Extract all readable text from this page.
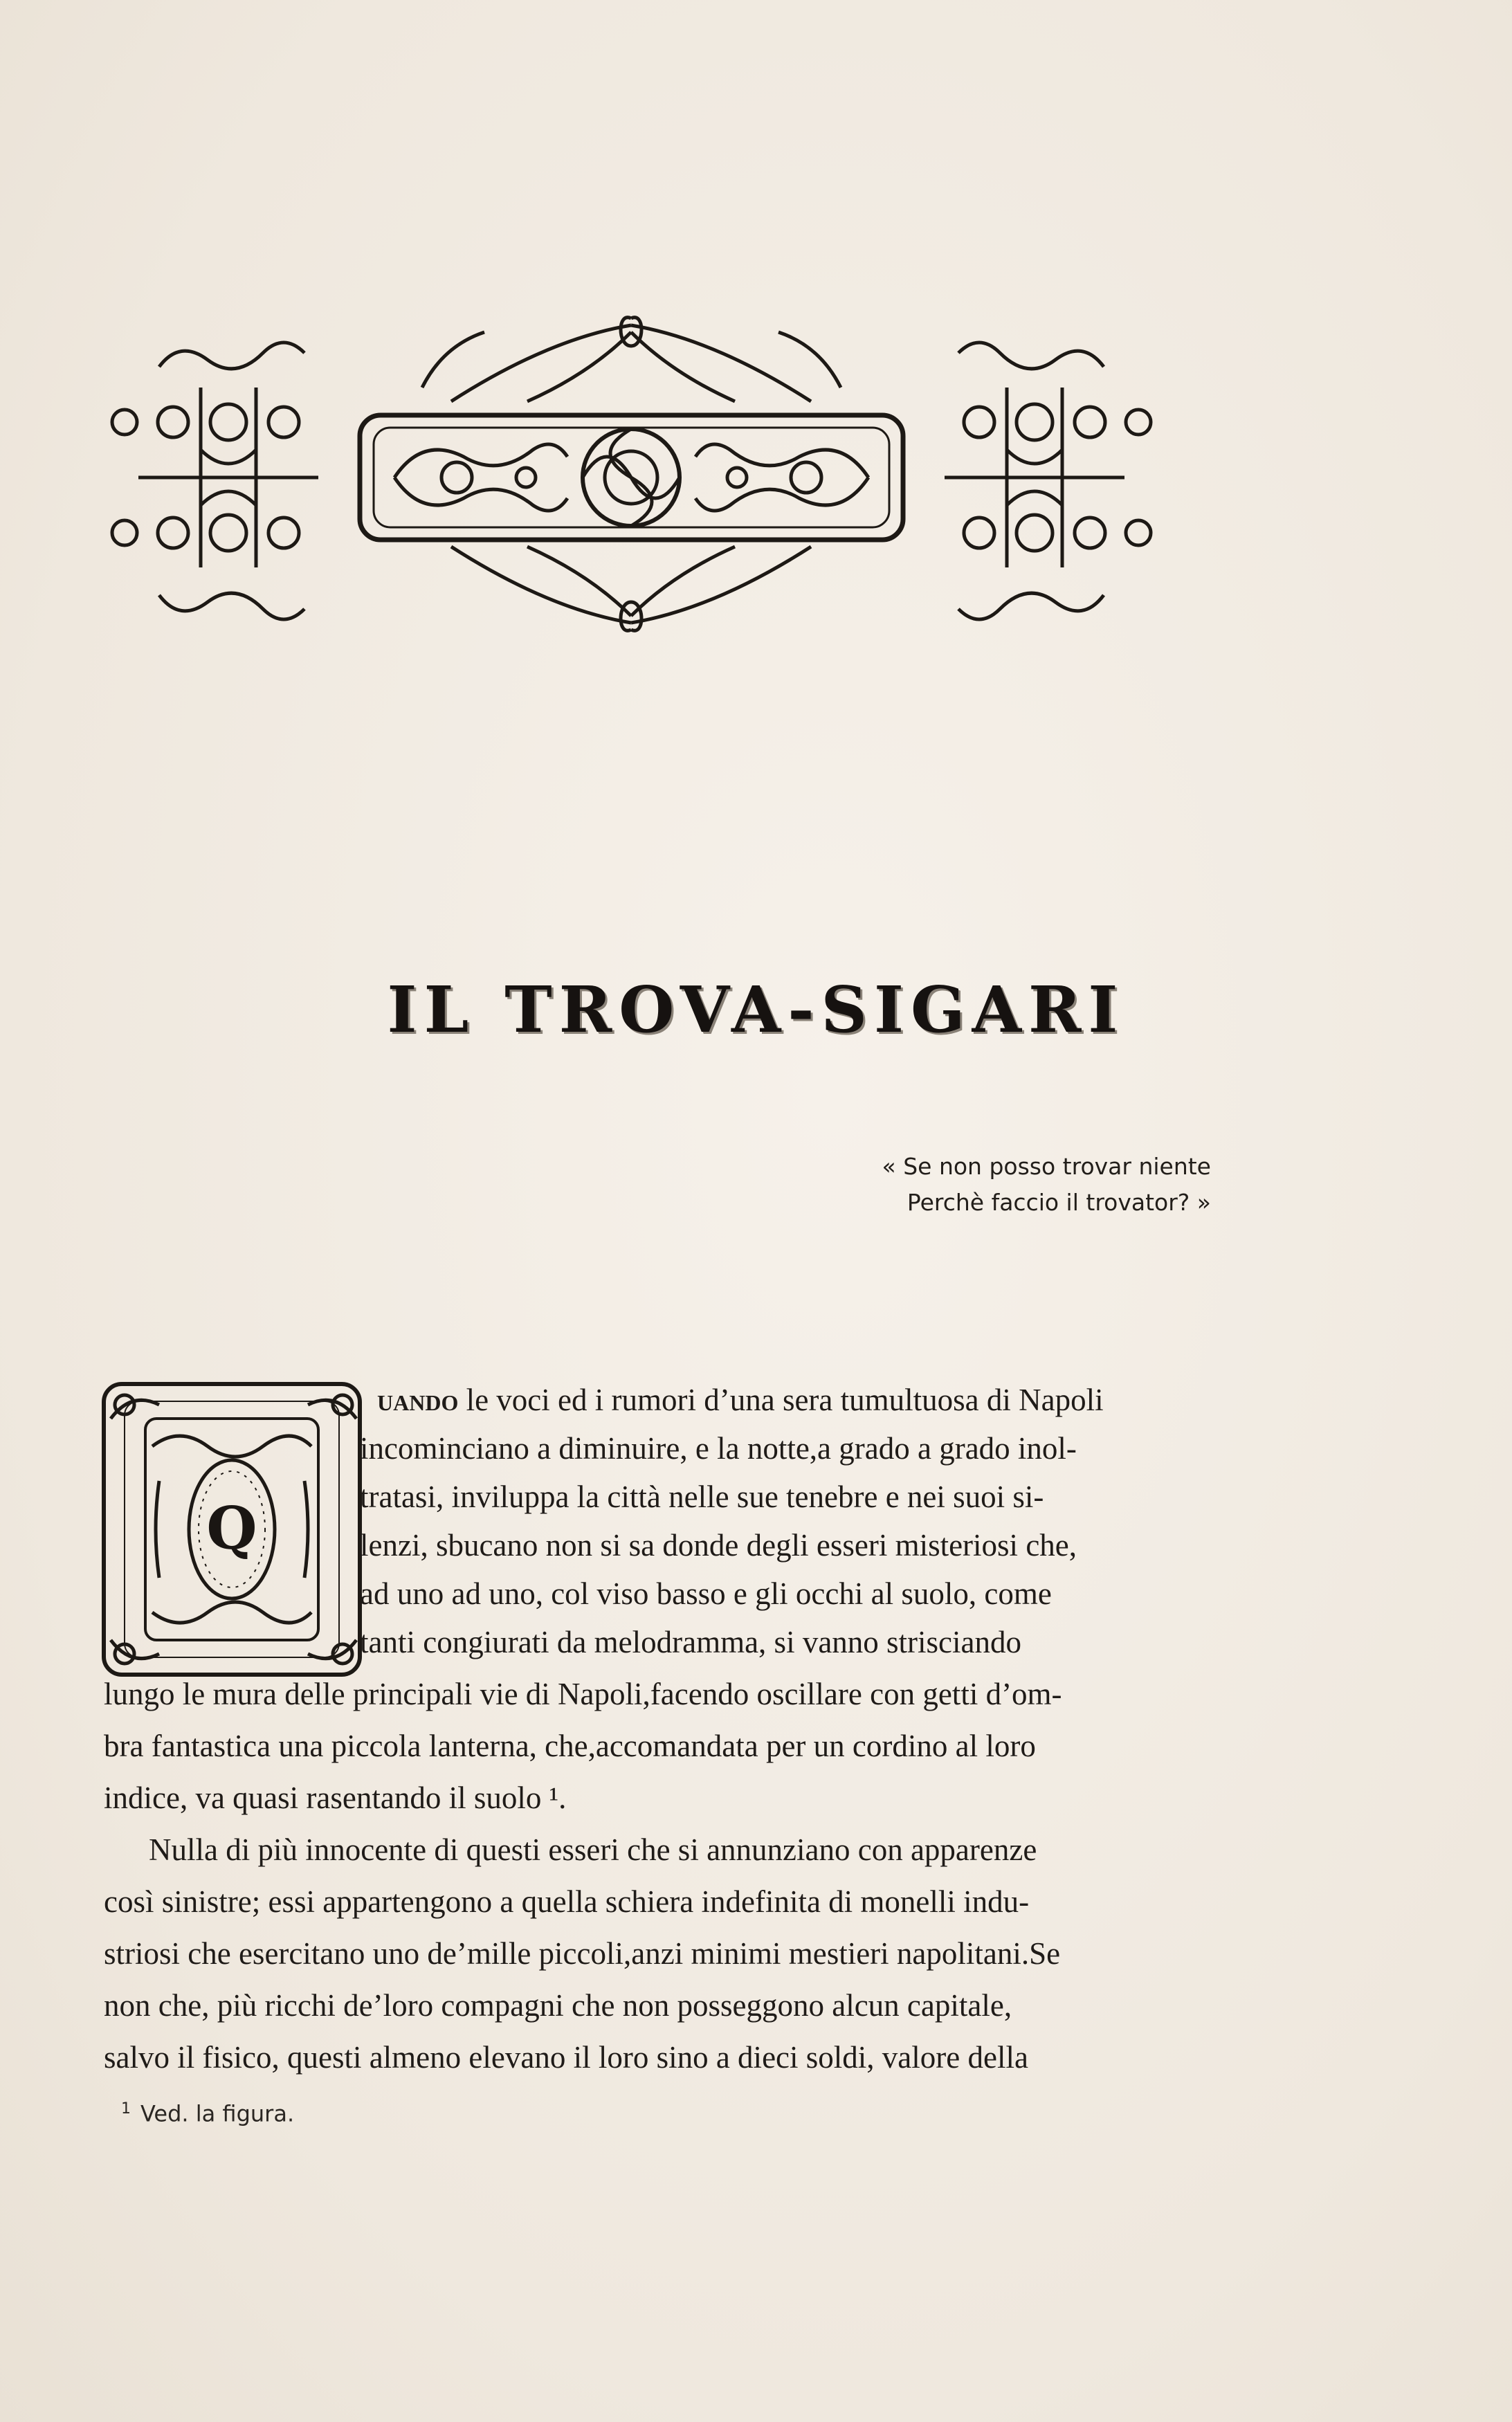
IL TROVA-SIGARI
« Se non posso trovar niente
Perchè faccio il trovator? »
Q
uando le voci ed i rumori d’una sera tumultuosa di Napoli
incominciano a diminuire, e la notte,a grado a grado inol-
tratasi, inviluppa la città nelle sue tenebre e nei suoi si-
lenzi, sbucano non si sa donde degli esseri misteriosi che,
ad uno ad uno, col viso basso e gli occhi al suolo, come
tanti congiurati da melodramma, si vanno strisciando
lungo le mura delle principali vie di Napoli,facendo oscillare con getti d’om-
bra fantastica una piccola lanterna, che,accomandata per un cordino al loro
indice, va quasi rasentando il suolo ¹.
Nulla di più innocente di questi esseri che si annunziano con apparenze
così sinistre; essi appartengono a quella schiera indefinita di monelli indu-
striosi che esercitano uno de’mille piccoli,anzi minimi mestieri napolitani.Se
non che, più ricchi de’loro compagni che non posseggono alcun capitale,
salvo il fisico, questi almeno elevano il loro sino a dieci soldi, valore della
$^1$ Ved. la figura.
